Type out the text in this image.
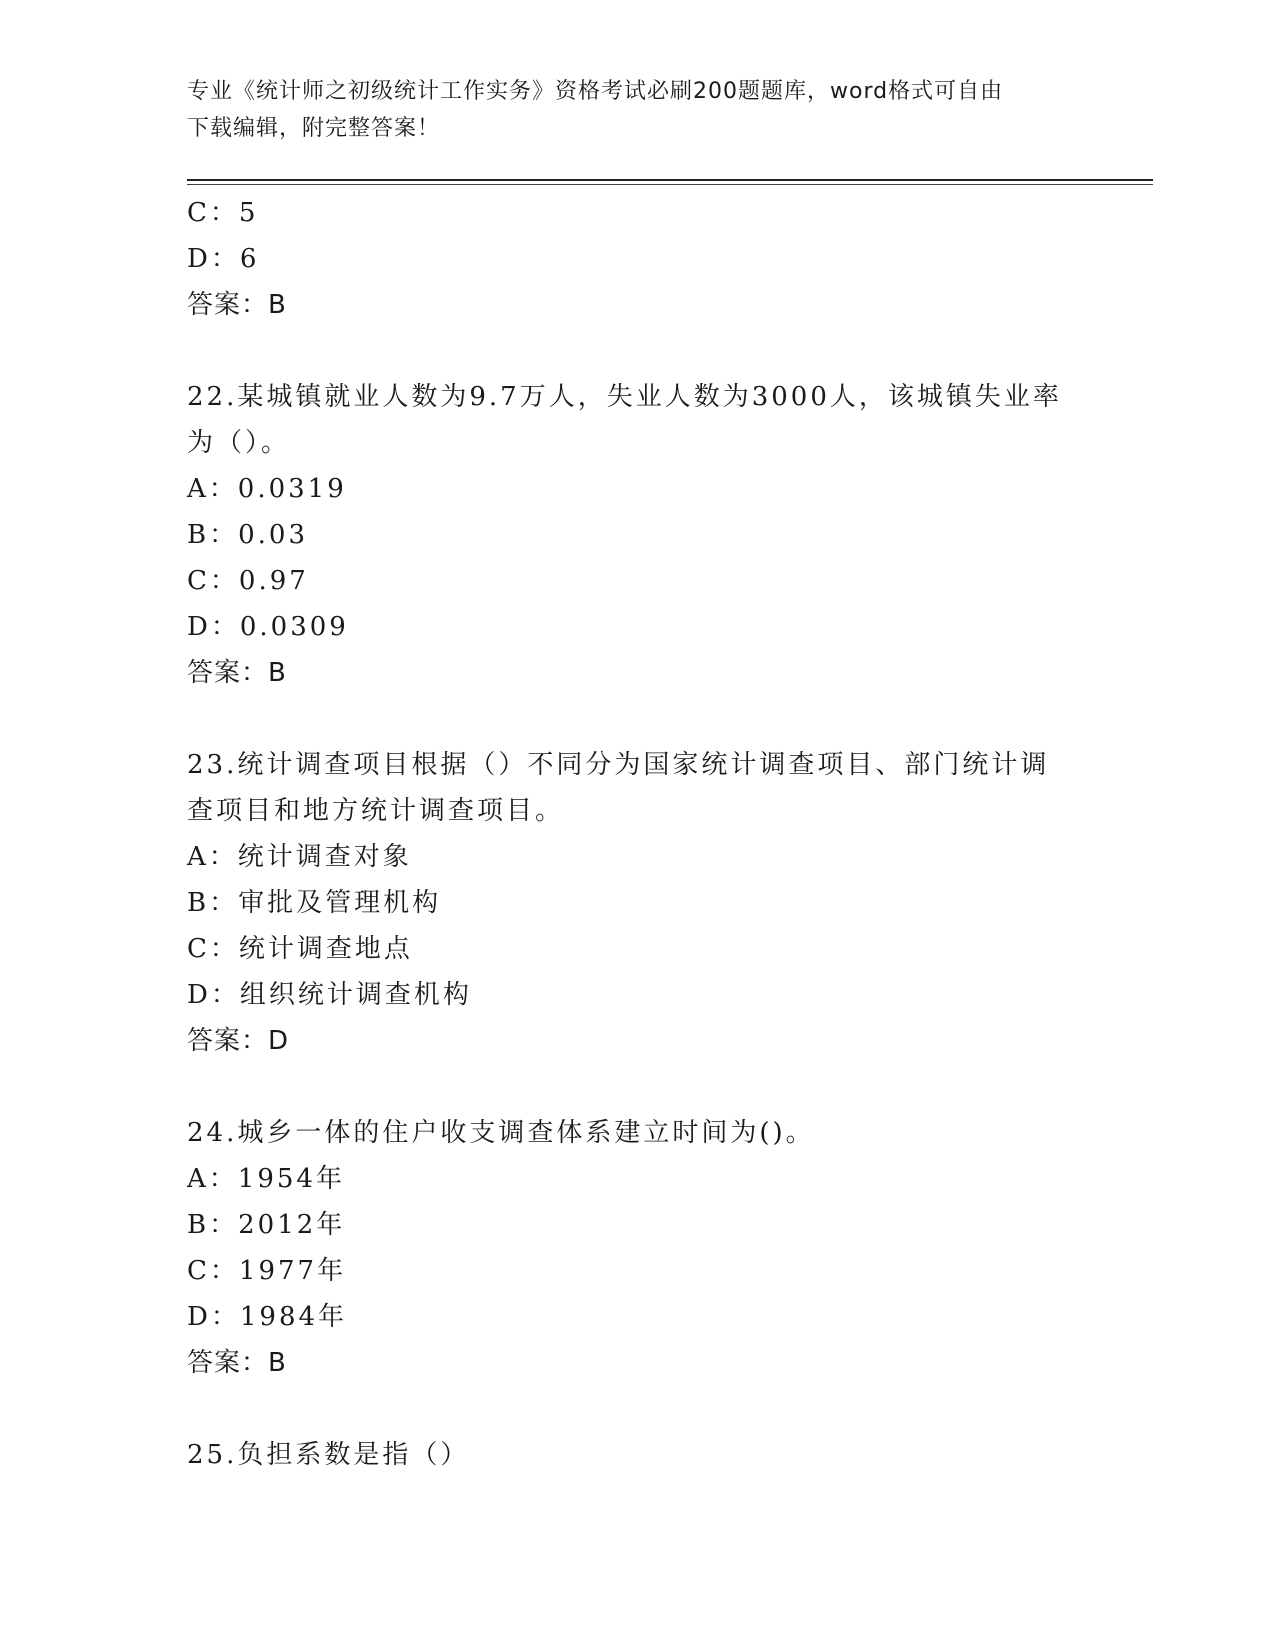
专业《统计师之初级统计工作实务》资格考试必刷200题题库，word格式可自由
下载编辑，附完整答案！
C：5
D：6
答案：B
22.某城镇就业人数为9.7万人，失业人数为3000人，该城镇失业率为（）。
A：0.0319
B：0.03
C：0.97
D：0.0309
答案：B
23.统计调查项目根据（）不同分为国家统计调查项目、部门统计调查项目和地方统计调查项目。
A：统计调查对象
B：审批及管理机构
C：统计调查地点
D：组织统计调查机构
答案：D
24.城乡一体的住户收支调查体系建立时间为()。
A：1954年
B：2012年
C：1977年
D：1984年
答案：B
25.负担系数是指（）
